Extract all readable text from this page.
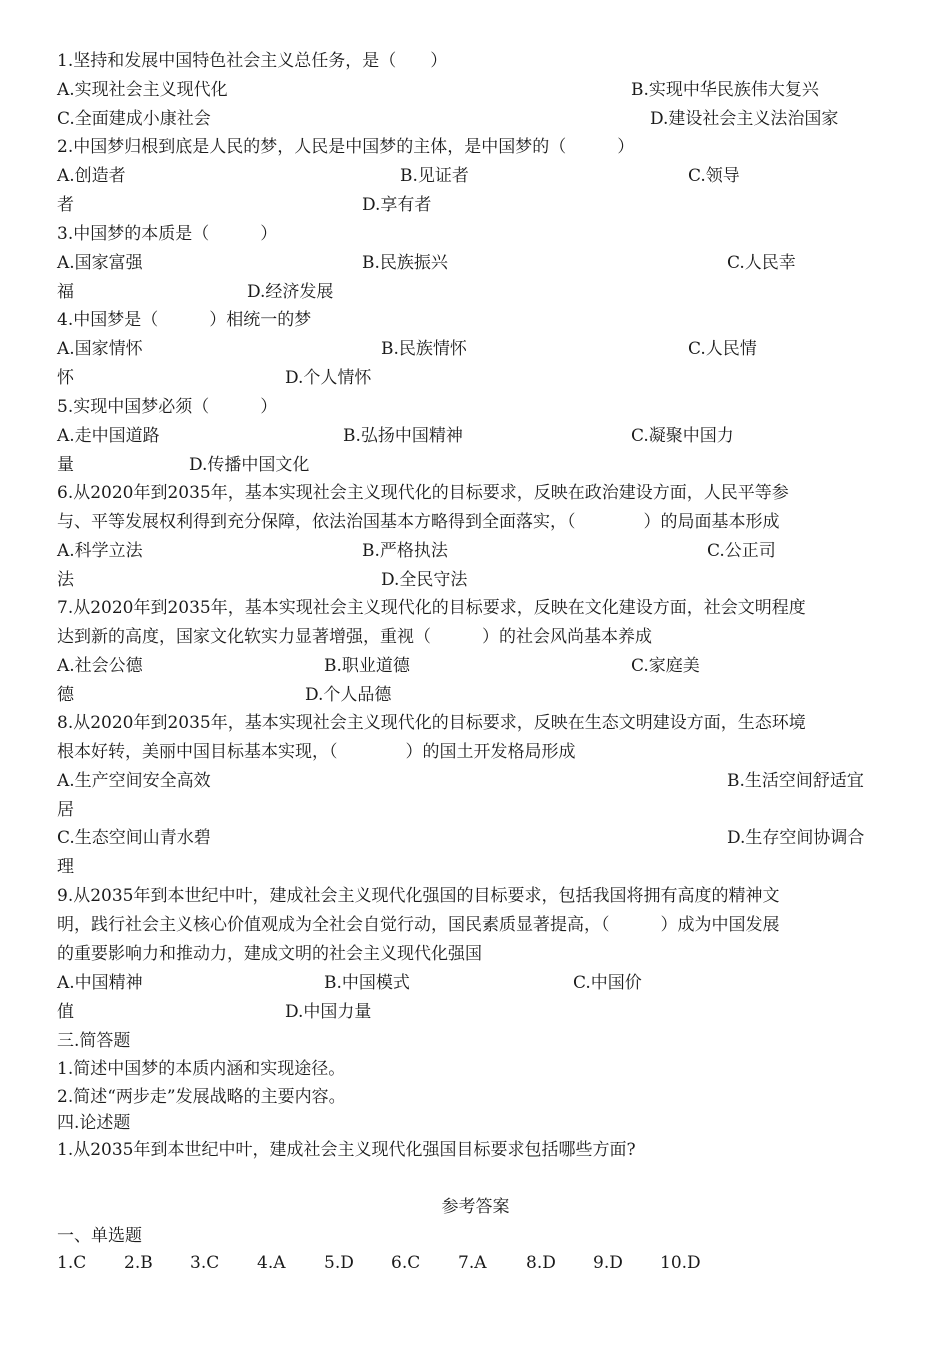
1.坚持和发展中国特色社会主义总任务，是（　　）
A.实现社会主义现代化	B.实现中华民族伟大复兴
C.全面建成小康社会	D.建设社会主义法治国家
2.中国梦归根到底是人民的梦，人民是中国梦的主体，是中国梦的（　　　）
A.创造者	B.见证者	C.领导
者	D.享有者
3.中国梦的本质是（　　　）
A.国家富强	B.民族振兴	C.人民幸
福	D.经济发展
4.中国梦是（　　　）相统一的梦
A.国家情怀	B.民族情怀	C.人民情
怀	D.个人情怀
5.实现中国梦必须（　　　）
A.走中国道路	B.弘扬中国精神	C.凝聚中国力
量	D.传播中国文化
6.从2020年到2035年，基本实现社会主义现代化的目标要求，反映在政治建设方面，人民平等参
与、平等发展权利得到充分保障，依法治国基本方略得到全面落实，（　　　　）的局面基本形成
A.科学立法	B.严格执法	C.公正司
法	D.全民守法
7.从2020年到2035年，基本实现社会主义现代化的目标要求，反映在文化建设方面，社会文明程度
达到新的高度，国家文化软实力显著增强，重视（　　　）的社会风尚基本养成
A.社会公德	B.职业道德	C.家庭美
德	D.个人品德
8.从2020年到2035年，基本实现社会主义现代化的目标要求，反映在生态文明建设方面，生态环境
根本好转，美丽中国目标基本实现，（　　　　）的国土开发格局形成
A.生产空间安全高效	B.生活空间舒适宜
居
C.生态空间山青水碧	D.生存空间协调合
理
9.从2035年到本世纪中叶，建成社会主义现代化强国的目标要求，包括我国将拥有高度的精神文
明，践行社会主义核心价值观成为全社会自觉行动，国民素质显著提高，（　　　）成为中国发展
的重要影响力和推动力，建成文明的社会主义现代化强国
A.中国精神	B.中国模式	C.中国价
值	D.中国力量
三.简答题
1.简述中国梦的本质内涵和实现途径。
2.简述“两步走”发展战略的主要内容。
四.论述题
1.从2035年到本世纪中叶，建成社会主义现代化强国目标要求包括哪些方面?
参考答案
一、单选题
1.C 2.B 3.C 4.A 5.D 6.C 7.A 8.D 9.D 10.D
